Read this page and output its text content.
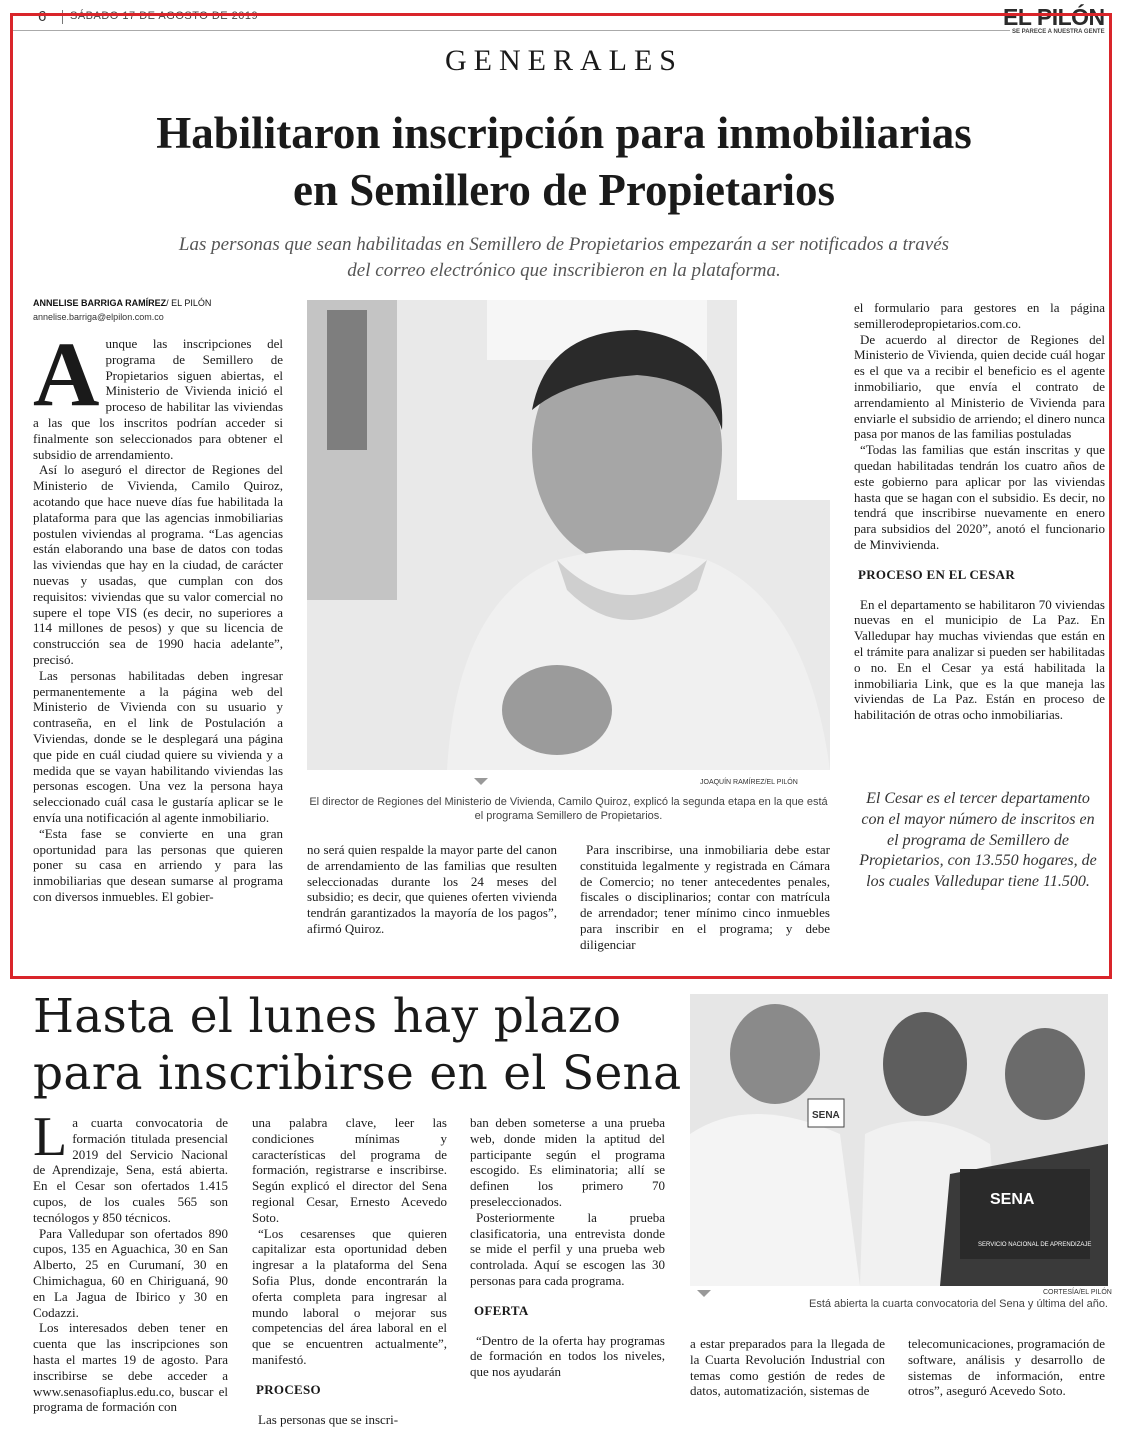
6 SÁBADO 17 DE AGOSTO DE 2019	EL PILÓN
SE PARECE A NUESTRA GENTE
GENERALES
Habilitaron inscripción para inmobiliarias
en Semillero de Propietarios
Las personas que sean habilitadas en Semillero de Propietarios empezarán a ser notificados a través
del correo electrónico que inscribieron en la plataforma.
ANNELISE BARRIGA RAMÍREZ/ EL PILÓN
annelise.barriga@elpilon.com.co
A unque las inscripciones del programa de Semillero de Propietarios siguen abiertas, el Ministerio de Vivienda inició el proceso de habilitar las viviendas a las que los inscritos podrían acceder si finalmente son seleccionados para obtener el subsidio de arrendamiento.

Así lo aseguró el director de Regiones del Ministerio de Vivienda, Camilo Quiroz, acotando que hace nueve días fue habilitada la plataforma para que las agencias inmobiliarias postulen viviendas al programa. “Las agencias están elaborando una base de datos con todas las viviendas que hay en la ciudad, de carácter nuevas y usadas, que cumplan con dos requisitos: viviendas que su valor comercial no supere el tope VIS (es decir, no superiores a 114 millones de pesos) y que su licencia de construcción sea de 1990 hacia adelante”, precisó.

Las personas habilitadas deben ingresar permanentemente a la página web del Ministerio de Vivienda con su usuario y contraseña, en el link de Postulación a Viviendas, donde se le desplegará una página que pide en cuál ciudad quiere su vivienda y a medida que se vayan habilitando viviendas las personas escogen. Una vez la persona haya seleccionado cuál casa le gustaría aplicar se le envía una notificación al agente inmobiliario.

“Esta fase se convierte en una gran oportunidad para las personas que quieren poner su casa en arriendo y para las inmobiliarias que desean sumarse al programa con diversos inmuebles. El gobier-

JOAQUÍN RAMÍREZ/EL PILÓN
El director de Regiones del Ministerio de Vivienda, Camilo Quiroz, explicó la segunda etapa en la que está el programa Semillero de Propietarios.

no será quien respalde la mayor parte del canon de arrendamiento de las familias que resulten seleccionadas durante los 24 meses del subsidio; es decir, que quienes oferten vivienda tendrán garantizados la mayoría de los pagos”, afirmó Quiroz.

Para inscribirse, una inmobiliaria debe estar constituida legalmente y registrada en Cámara de Comercio; no tener antecedentes penales, fiscales o disciplinarios; contar con matrícula de arrendador; tener mínimo cinco inmuebles para inscribir en el programa; y debe diligenciar

el formulario para gestores en la página semillerodepropietarios.com.co.

De acuerdo al director de Regiones del Ministerio de Vivienda, quien decide cuál hogar es el que va a recibir el beneficio es el agente inmobiliario, que envía el contrato de arrendamiento al Ministerio de Vivienda para enviarle el subsidio de arriendo; el dinero nunca pasa por manos de las familias postuladas

“Todas las familias que están inscritas y que quedan habilitadas tendrán los cuatro años de este gobierno para aplicar por las viviendas hasta que se hagan con el subsidio. Es decir, no tendrá que inscribirse nuevamente en enero para subsidios del 2020”, anotó el funcionario de Minvivienda.

PROCESO EN EL CESAR

En el departamento se habilitaron 70 viviendas nuevas en el municipio de La Paz. En Valledupar hay muchas viviendas que están en el trámite para analizar si pueden ser habilitadas o no. En el Cesar ya está habilitada la inmobiliaria Link, que es la que maneja las viviendas de La Paz. Están en proceso de habilitación de otras ocho inmobiliarias.

El Cesar es el tercer departamento con el mayor número de inscritos en el programa de Semillero de Propietarios, con 13.550 hogares, de los cuales Valledupar tiene 11.500.
Hasta el lunes hay plazo
para inscribirse en el Sena
L a cuarta convocatoria de formación titulada presencial 2019 del Servicio Nacional de Aprendizaje, Sena, está abierta. En el Cesar son ofertados 1.415 cupos, de los cuales 565 son tecnólogos y 850 técnicos.

Para Valledupar son ofertados 890 cupos, 135 en Aguachica, 30 en San Alberto, 25 en Curumaní, 30 en Chimichagua, 60 en Chiriguaná, 90 en La Jagua de Ibirico y 30 en Codazzi.

Los interesados deben tener en cuenta que las inscripciones son hasta el martes 19 de agosto. Para inscribirse se debe acceder a www.senasofiaplus.edu.co, buscar el programa de formación con

una palabra clave, leer las condiciones mínimas y características del programa de formación, registrarse e inscribirse. Según explicó el director del Sena regional Cesar, Ernesto Acevedo Soto.

“Los cesarenses que quieren capitalizar esta oportunidad deben ingresar a la plataforma del Sena Sofia Plus, donde encontrarán la oferta completa para ingresar al mundo laboral o mejorar sus competencias del área laboral en el que se encuentren actualmente”, manifestó.

PROCESO

Las personas que se inscri-

ban deben someterse a una prueba web, donde miden la aptitud del participante según el programa escogido. Es eliminatoria; allí se definen los primero 70 preseleccionados.

Posteriormente la prueba clasificatoria, una entrevista donde se mide el perfil y una prueba web controlada. Aquí se escogen las 30 personas para cada programa.

OFERTA

“Dentro de la oferta hay programas de formación en todos los niveles, que nos ayudarán

SENA
SERVICIO NACIONAL DE APRENDIZAJE
SENA
CORTESÍA/EL PILÓN
Está abierta la cuarta convocatoria del Sena y última del año.

a estar preparados para la llegada de la Cuarta Revolución Industrial con temas como gestión de redes de datos, automatización, sistemas de

telecomunicaciones, programación de software, análisis y desarrollo de sistemas de información, entre otros”, aseguró Acevedo Soto.
